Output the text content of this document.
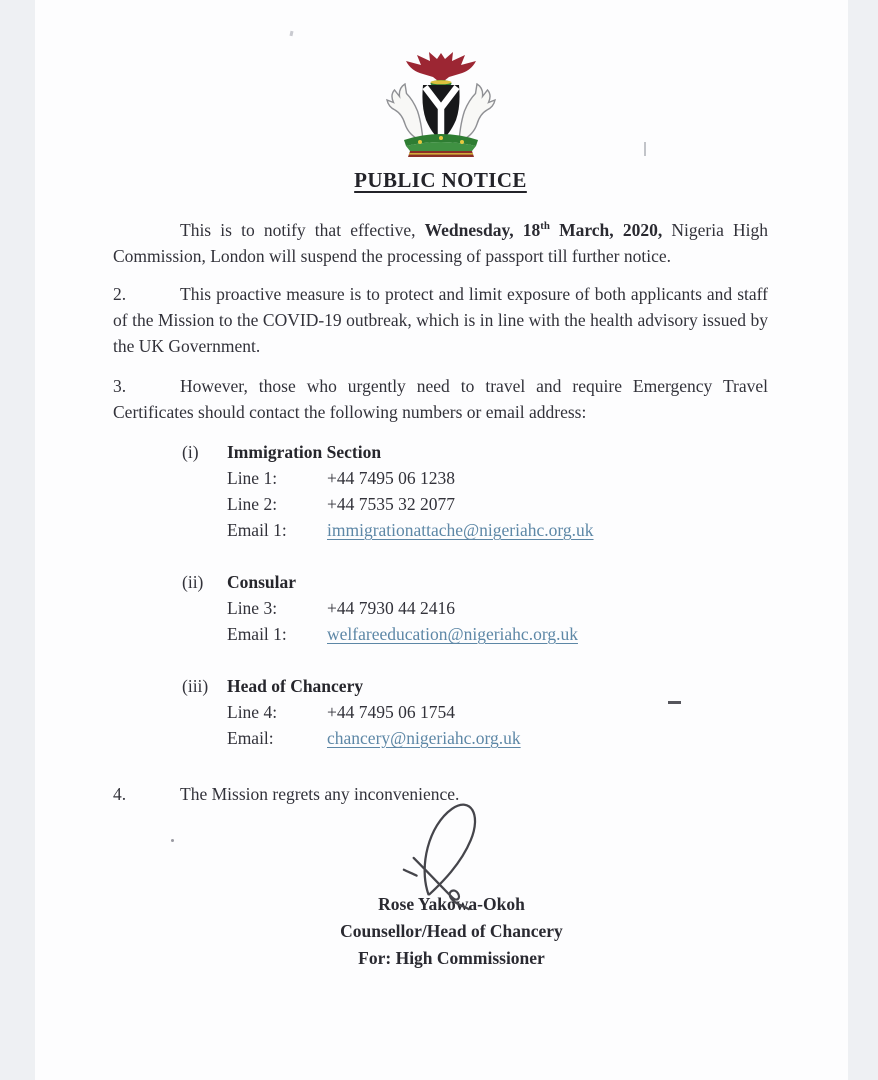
PUBLIC NOTICE

This is to notify that effective, Wednesday, 18th March, 2020, Nigeria High Commission, London will suspend the processing of passport till further notice.

2.	This proactive measure is to protect and limit exposure of both applicants and staff of the Mission to the COVID-19 outbreak, which is in line with the health advisory issued by the UK Government.

3.	However, those who urgently need to travel and require Emergency Travel Certificates should contact the following numbers or email address:

(i)	Immigration Section
Line 1:	+44 7495 06 1238
Line 2:	+44 7535 32 2077
Email 1: immigrationattache@nigeriahc.org.uk
(ii)	Consular
Line 3:	+44 7930 44 2416
Email 1: welfareeducation@nigeriahc.org.uk
(iii)	Head of Chancery
Line 4:	+44 7495 06 1754
Email:	chancery@nigeriahc.org.uk

4.	The Mission regrets any inconvenience.

Rose Yakowa-Okoh
Counsellor/Head of Chancery
For: High Commissioner
